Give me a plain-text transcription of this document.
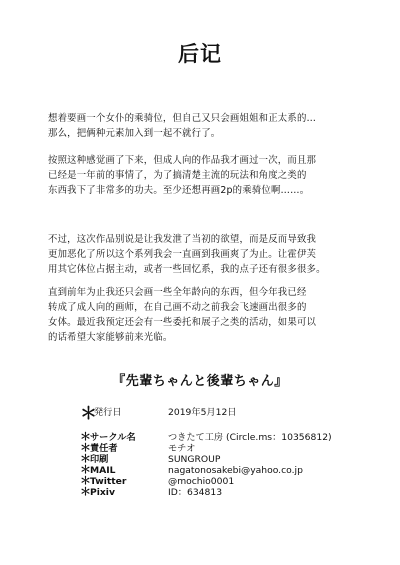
后记
想着要画一个女仆的乘骑位，但自己又只会画姐姐和正太系的…
那么，把俩种元素加入到一起不就行了。
按照这种感觉画了下来，但成人向的作品我才画过一次，而且那
已经是一年前的事情了，为了搞清楚主流的玩法和角度之类的
东西我下了非常多的功夫。至少还想再画2p的乘骑位啊……。
不过，这次作品别说是让我发泄了当初的欲望，而是反而导致我
更加恶化了所以这个系列我会一直画到我画爽了为止。让霍伊芙
用其它体位占据主动，或者一些回忆系，我的点子还有很多很多。
直到前年为止我还只会画一些全年龄向的东西，但今年我已经
转成了成人向的画师，在自己画不动之前我会飞速画出很多的
女体。最近我预定还会有一些委托和展子之类的活动，如果可以
的话希望大家能够前来光临。
『先輩ちゃんと後輩ちゃん』
＊
発行日	2019年5月12日
＊ サークル名	つきたて工房 (Circle.ms：10356812)
＊ 責任者	モチオ
＊ 印刷	SUNGROUP
＊ MAIL	nagatonosakebi@yahoo.co.jp
＊ Twitter	@mochio0001
＊ Pixiv	ID：634813
